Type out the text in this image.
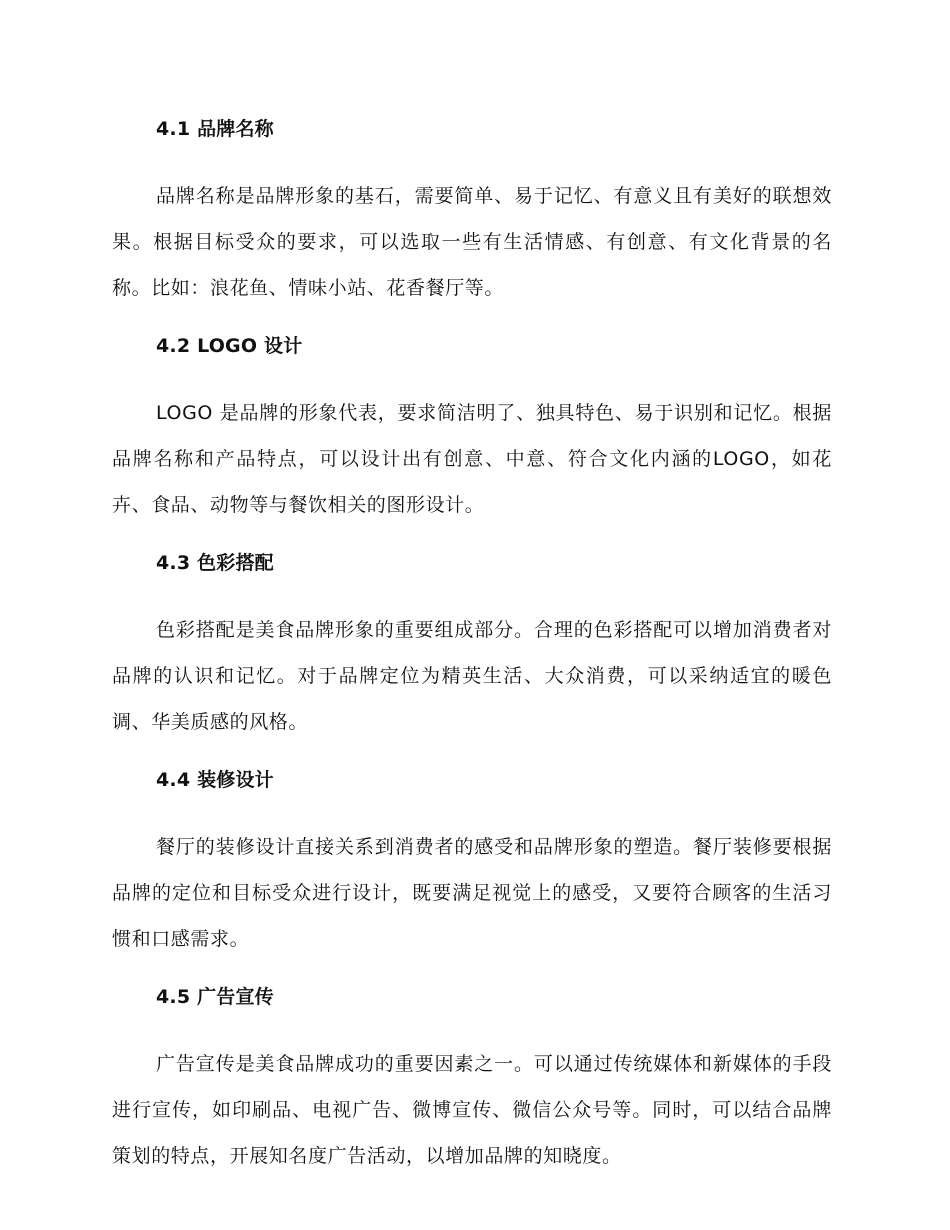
4.1 品牌名称

品牌名称是品牌形象的基石，需要简单、易于记忆、有意义且有美好的联想效果。根据目标受众的要求，可以选取一些有生活情感、有创意、有文化背景的名称。比如：浪花鱼、情味小站、花香餐厅等。

4.2 LOGO 设计

LOGO 是品牌的形象代表，要求简洁明了、独具特色、易于识别和记忆。根据品牌名称和产品特点，可以设计出有创意、中意、符合文化内涵的LOGO，如花卉、食品、动物等与餐饮相关的图形设计。

4.3 色彩搭配

色彩搭配是美食品牌形象的重要组成部分。合理的色彩搭配可以增加消费者对品牌的认识和记忆。对于品牌定位为精英生活、大众消费，可以采纳适宜的暖色调、华美质感的风格。

4.4 装修设计

餐厅的装修设计直接关系到消费者的感受和品牌形象的塑造。餐厅装修要根据品牌的定位和目标受众进行设计，既要满足视觉上的感受，又要符合顾客的生活习惯和口感需求。

4.5 广告宣传

广告宣传是美食品牌成功的重要因素之一。可以通过传统媒体和新媒体的手段进行宣传，如印刷品、电视广告、微博宣传、微信公众号等。同时，可以结合品牌策划的特点，开展知名度广告活动，以增加品牌的知晓度。
